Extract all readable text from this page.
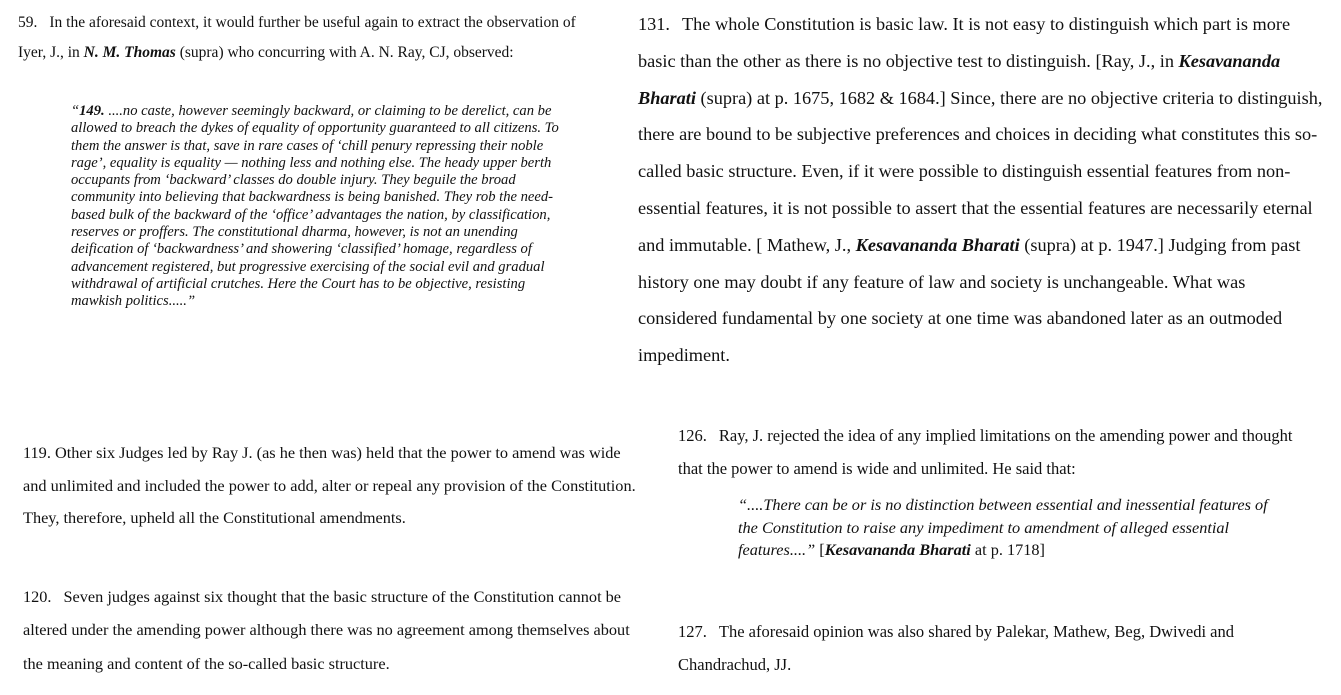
59. In the aforesaid context, it would further be useful again to extract the observation of Iyer, J., in N. M. Thomas (supra) who concurring with A. N. Ray, CJ, observed:

“149. ....no caste, however seemingly backward, or claiming to be derelict, can be allowed to breach the dykes of equality of opportunity guaranteed to all citizens. To them the answer is that, save in rare cases of ‘chill penury repressing their noble rage’, equality is equality — nothing less and nothing else. The heady upper berth occupants from ‘backward’ classes do double injury. They beguile the broad community into believing that backwardness is being banished. They rob the need-based bulk of the backward of the ‘office’ advantages the nation, by classification, reserves or proffers. The constitutional dharma, however, is not an unending deification of ‘backwardness’ and showering ‘classified’ homage, regardless of advancement registered, but progressive exercising of the social evil and gradual withdrawal of artificial crutches. Here the Court has to be objective, resisting mawkish politics.....”

131. The whole Constitution is basic law. It is not easy to distinguish which part is more basic than the other as there is no objective test to distinguish. [Ray, J., in Kesavananda Bharati (supra) at p. 1675, 1682 & 1684.] Since, there are no objective criteria to distinguish, there are bound to be subjective preferences and choices in deciding what constitutes this so-called basic structure. Even, if it were possible to distinguish essential features from non-essential features, it is not possible to assert that the essential features are necessarily eternal and immutable. [ Mathew, J., Kesavananda Bharati (supra) at p. 1947.] Judging from past history one may doubt if any feature of law and society is unchangeable. What was considered fundamental by one society at one time was abandoned later as an outmoded impediment.

119. Other six Judges led by Ray J. (as he then was) held that the power to amend was wide and unlimited and included the power to add, alter or repeal any provision of the Constitution. They, therefore, upheld all the Constitutional amendments.

120. Seven judges against six thought that the basic structure of the Constitution cannot be altered under the amending power although there was no agreement among themselves about the meaning and content of the so-called basic structure.

126. Ray, J. rejected the idea of any implied limitations on the amending power and thought that the power to amend is wide and unlimited. He said that:

“....There can be or is no distinction between essential and inessential features of the Constitution to raise any impediment to amendment of alleged essential features....” [Kesavananda Bharati at p. 1718]

127. The aforesaid opinion was also shared by Palekar, Mathew, Beg, Dwivedi and Chandrachud, JJ.
